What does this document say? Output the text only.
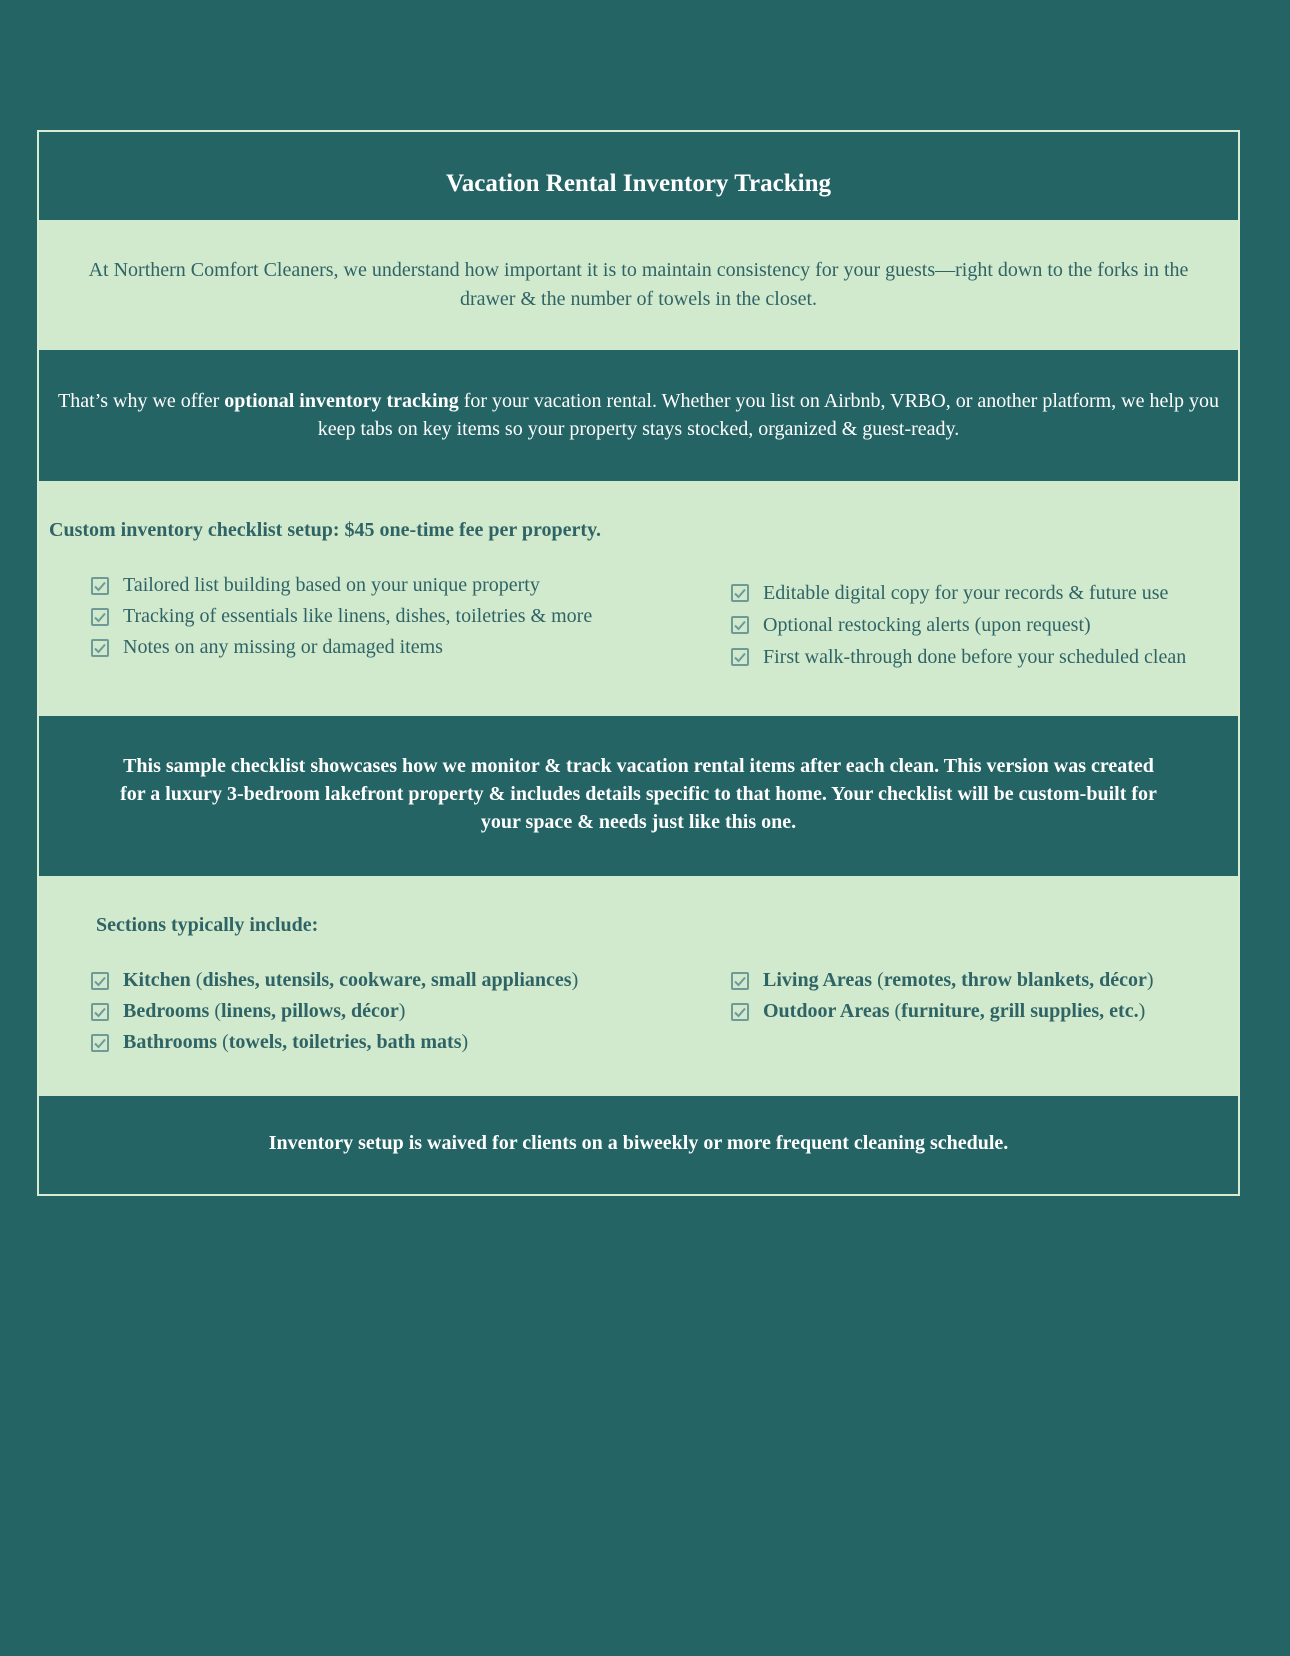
Vacation Rental Inventory Tracking
At Northern Comfort Cleaners, we understand how important it is to maintain consistency for your guests—right down to the forks in the drawer & the number of towels in the closet.
That’s why we offer optional inventory tracking for your vacation rental. Whether you list on Airbnb, VRBO, or another platform, we help you keep tabs on key items so your property stays stocked, organized & guest-ready.
Custom inventory checklist setup: $45 one-time fee per property.
Tailored list building based on your unique property
Tracking of essentials like linens, dishes, toiletries & more
Notes on any missing or damaged items
Editable digital copy for your records & future use
Optional restocking alerts (upon request)
First walk-through done before your scheduled clean
This sample checklist showcases how we monitor & track vacation rental items after each clean. This version was created for a luxury 3-bedroom lakefront property & includes details specific to that home. Your checklist will be custom-built for your space & needs just like this one.
Sections typically include:
Kitchen
( dishes, utensils, cookware, small appliances )
Bedrooms
( linens, pillows, décor )
Bathrooms
( towels, toiletries, bath mats )
Living Areas
( remotes, throw blankets, décor )
Outdoor Areas
( furniture, grill supplies, etc. )
Inventory setup is waived for clients on a biweekly or more frequent cleaning schedule.
